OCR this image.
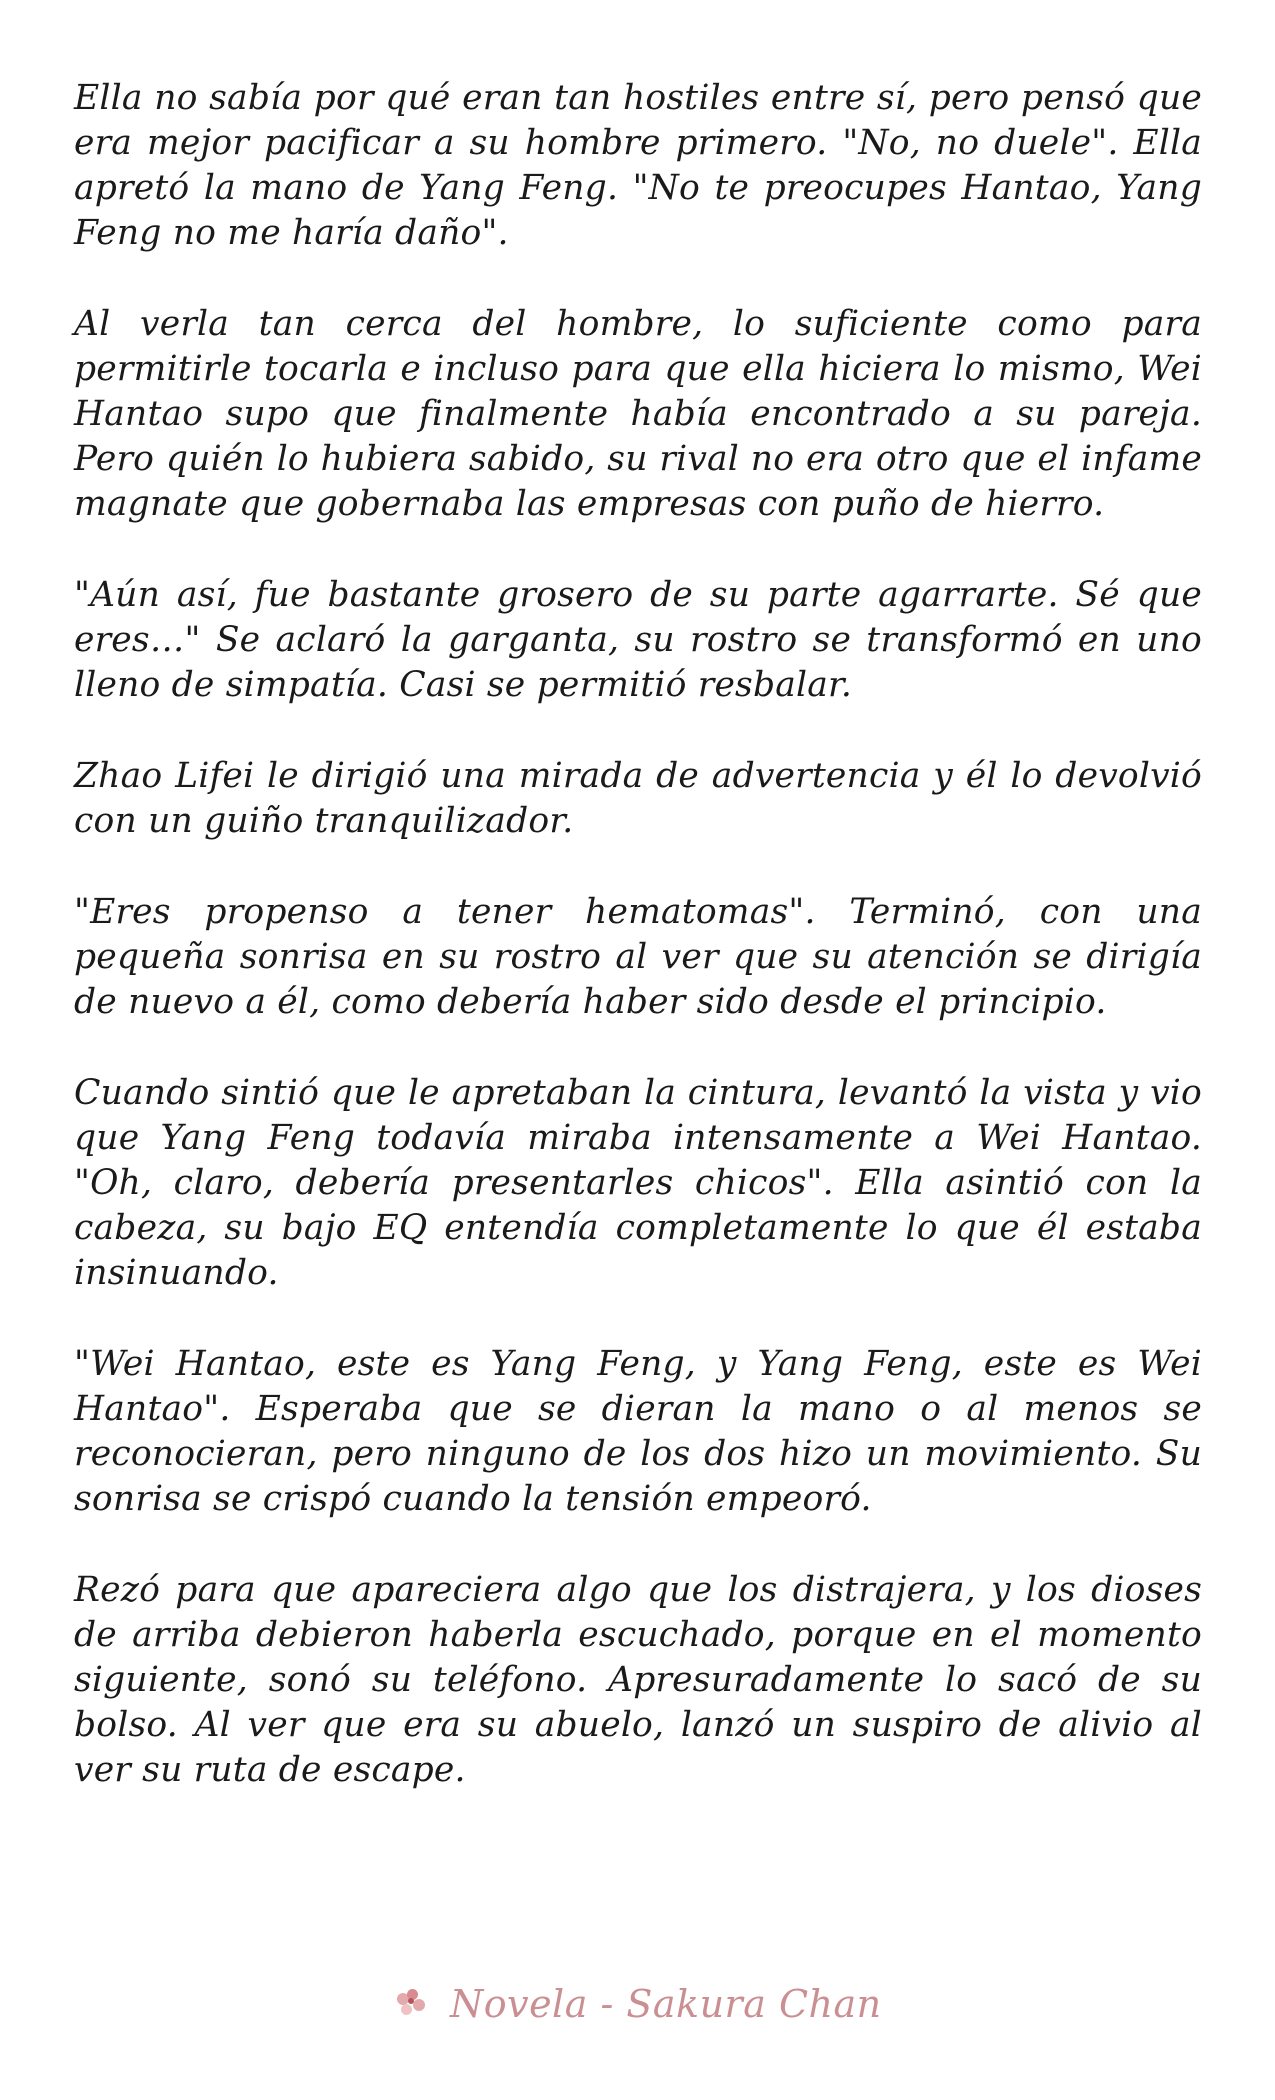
Ella no sabía por qué eran tan hostiles entre sí, pero pensó que era mejor pacificar a su hombre primero. "No, no duele". Ella apretó la mano de Yang Feng. "No te preocupes Hantao, Yang Feng no me haría daño".

Al verla tan cerca del hombre, lo suficiente como para permitirle tocarla e incluso para que ella hiciera lo mismo, Wei Hantao supo que finalmente había encontrado a su pareja. Pero quién lo hubiera sabido, su rival no era otro que el infame magnate que gobernaba las empresas con puño de hierro.

"Aún así, fue bastante grosero de su parte agarrarte. Sé que eres…" Se aclaró la garganta, su rostro se transformó en uno lleno de simpatía. Casi se permitió resbalar.

Zhao Lifei le dirigió una mirada de advertencia y él lo devolvió con un guiño tranquilizador.

"Eres propenso a tener hematomas". Terminó, con una pequeña sonrisa en su rostro al ver que su atención se dirigía de nuevo a él, como debería haber sido desde el principio.

Cuando sintió que le apretaban la cintura, levantó la vista y vio que Yang Feng todavía miraba intensamente a Wei Hantao. "Oh, claro, debería presentarles chicos". Ella asintió con la cabeza, su bajo EQ entendía completamente lo que él estaba insinuando.

"Wei Hantao, este es Yang Feng, y Yang Feng, este es Wei Hantao". Esperaba que se dieran la mano o al menos se reconocieran, pero ninguno de los dos hizo un movimiento. Su sonrisa se crispó cuando la tensión empeoró.

Rezó para que apareciera algo que los distrajera, y los dioses de arriba debieron haberla escuchado, porque en el momento siguiente, sonó su teléfono. Apresuradamente lo sacó de su bolso. Al ver que era su abuelo, lanzó un suspiro de alivio al ver su ruta de escape.

Novela - Sakura Chan
